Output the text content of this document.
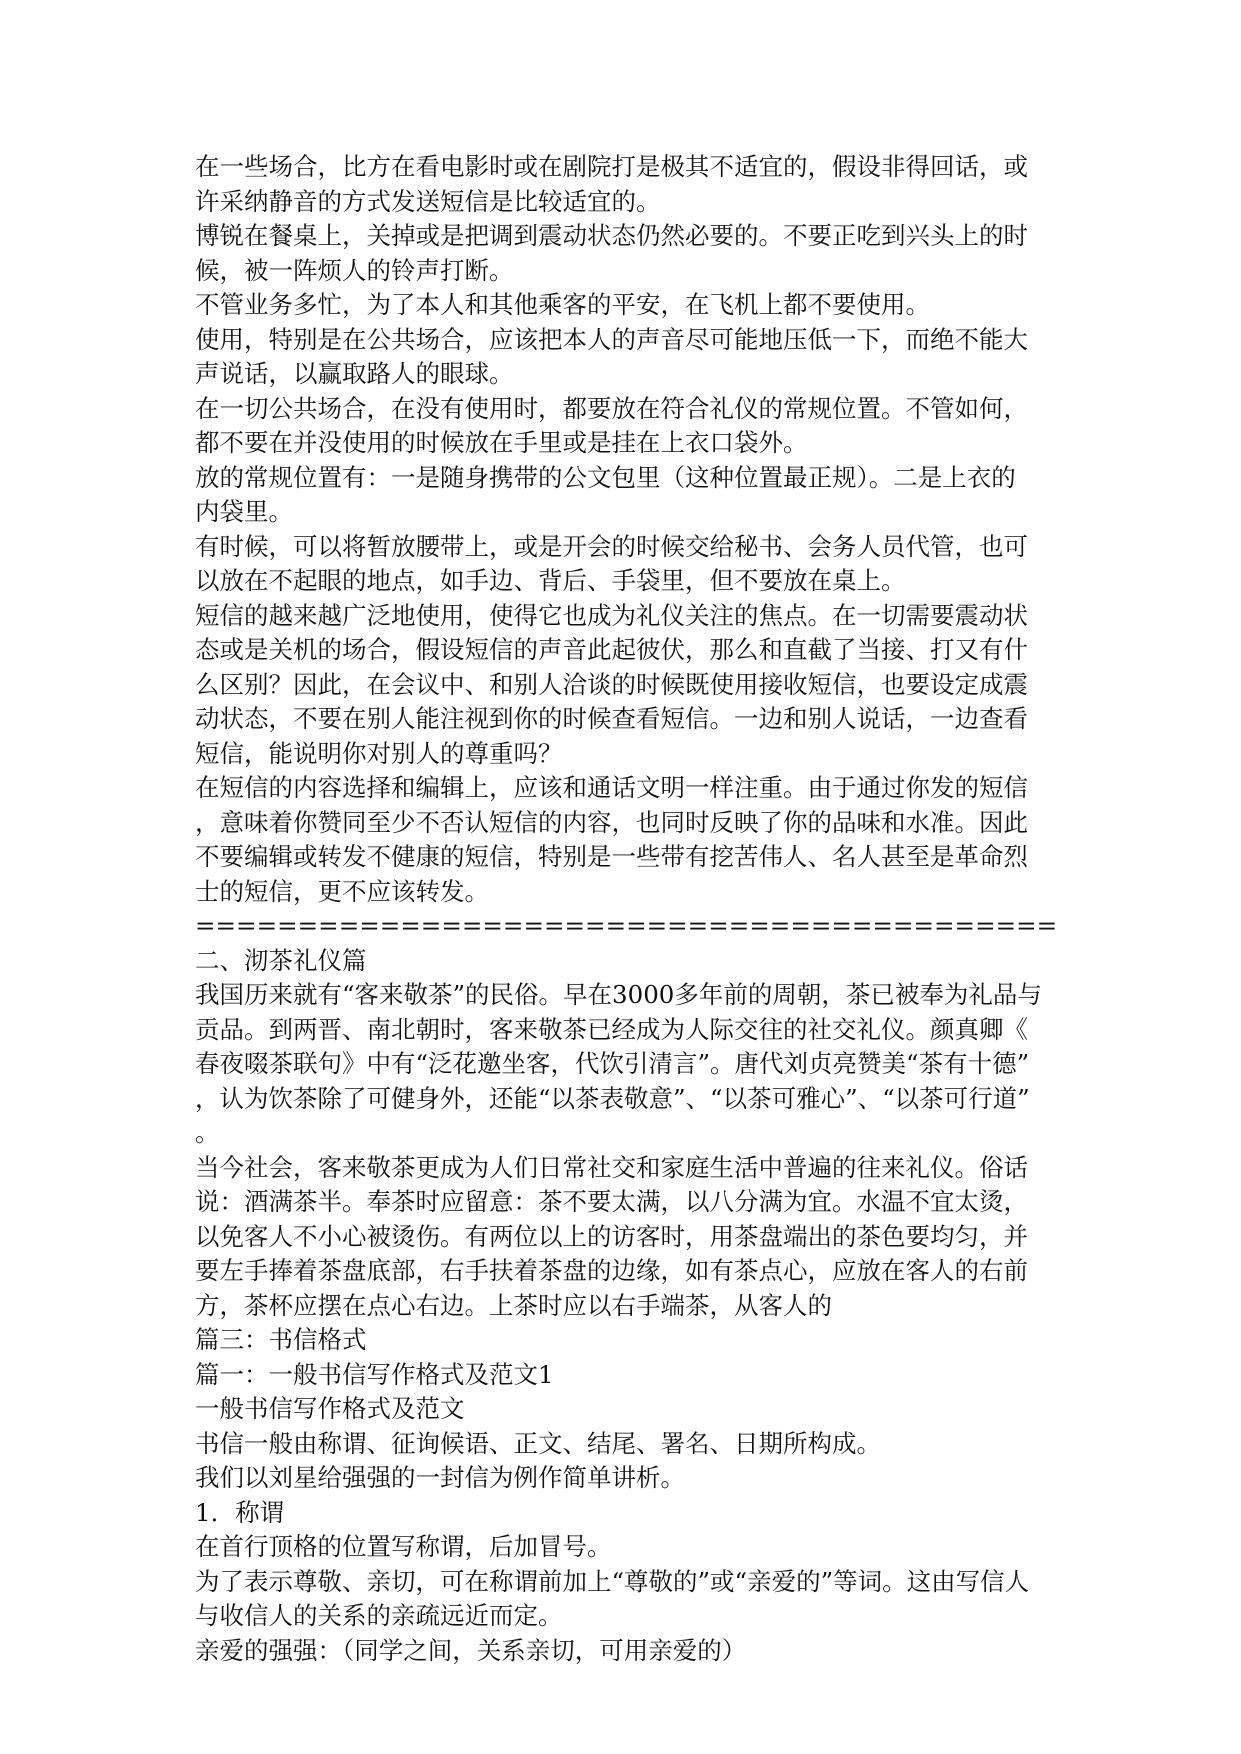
在一些场合，比方在看电影时或在剧院打是极其不适宜的，假设非得回话，或
许采纳静音的方式发送短信是比较适宜的。
博锐在餐桌上，关掉或是把调到震动状态仍然必要的。不要正吃到兴头上的时
候，被一阵烦人的铃声打断。
不管业务多忙，为了本人和其他乘客的平安，在飞机上都不要使用。
使用，特别是在公共场合，应该把本人的声音尽可能地压低一下，而绝不能大
声说话，以赢取路人的眼球。
在一切公共场合，在没有使用时，都要放在符合礼仪的常规位置。不管如何，
都不要在并没使用的时候放在手里或是挂在上衣口袋外。
放的常规位置有：一是随身携带的公文包里（这种位置最正规）。二是上衣的
内袋里。
有时候，可以将暂放腰带上，或是开会的时候交给秘书、会务人员代管，也可
以放在不起眼的地点，如手边、背后、手袋里，但不要放在桌上。
短信的越来越广泛地使用，使得它也成为礼仪关注的焦点。在一切需要震动状
态或是关机的场合，假设短信的声音此起彼伏，那么和直截了当接、打又有什
么区别？因此，在会议中、和别人洽谈的时候既使用接收短信，也要设定成震
动状态，不要在别人能注视到你的时候查看短信。一边和别人说话，一边查看
短信，能说明你对别人的尊重吗？
在短信的内容选择和编辑上，应该和通话文明一样注重。由于通过你发的短信
，意味着你赞同至少不否认短信的内容，也同时反映了你的品味和水准。因此
不要编辑或转发不健康的短信，特别是一些带有挖苦伟人、名人甚至是革命烈
士的短信，更不应该转发。
==========================================
二、沏茶礼仪篇
我国历来就有“客来敬茶”的民俗。早在3000多年前的周朝，茶已被奉为礼品与
贡品。到两晋、南北朝时，客来敬茶已经成为人际交往的社交礼仪。颜真卿《
春夜啜茶联句》中有“泛花邀坐客，代饮引清言”。唐代刘贞亮赞美“茶有十德”
，认为饮茶除了可健身外，还能“以茶表敬意”、“以茶可雅心”、“以茶可行道”
。
当今社会，客来敬茶更成为人们日常社交和家庭生活中普遍的往来礼仪。俗话
说：酒满茶半。奉茶时应留意：茶不要太满，以八分满为宜。水温不宜太烫，
以免客人不小心被烫伤。有两位以上的访客时，用茶盘端出的茶色要均匀，并
要左手捧着茶盘底部，右手扶着茶盘的边缘，如有茶点心，应放在客人的右前
方，茶杯应摆在点心右边。上茶时应以右手端茶，从客人的
篇三：书信格式
篇一：一般书信写作格式及范文1
一般书信写作格式及范文
书信一般由称谓、征询候语、正文、结尾、署名、日期所构成。
我们以刘星给强强的一封信为例作简单讲析。
1．称谓
在首行顶格的位置写称谓，后加冒号。
为了表示尊敬、亲切，可在称谓前加上“尊敬的”或“亲爱的”等词。这由写信人
与收信人的关系的亲疏远近而定。
亲爱的强强：（同学之间，关系亲切，可用亲爱的）
